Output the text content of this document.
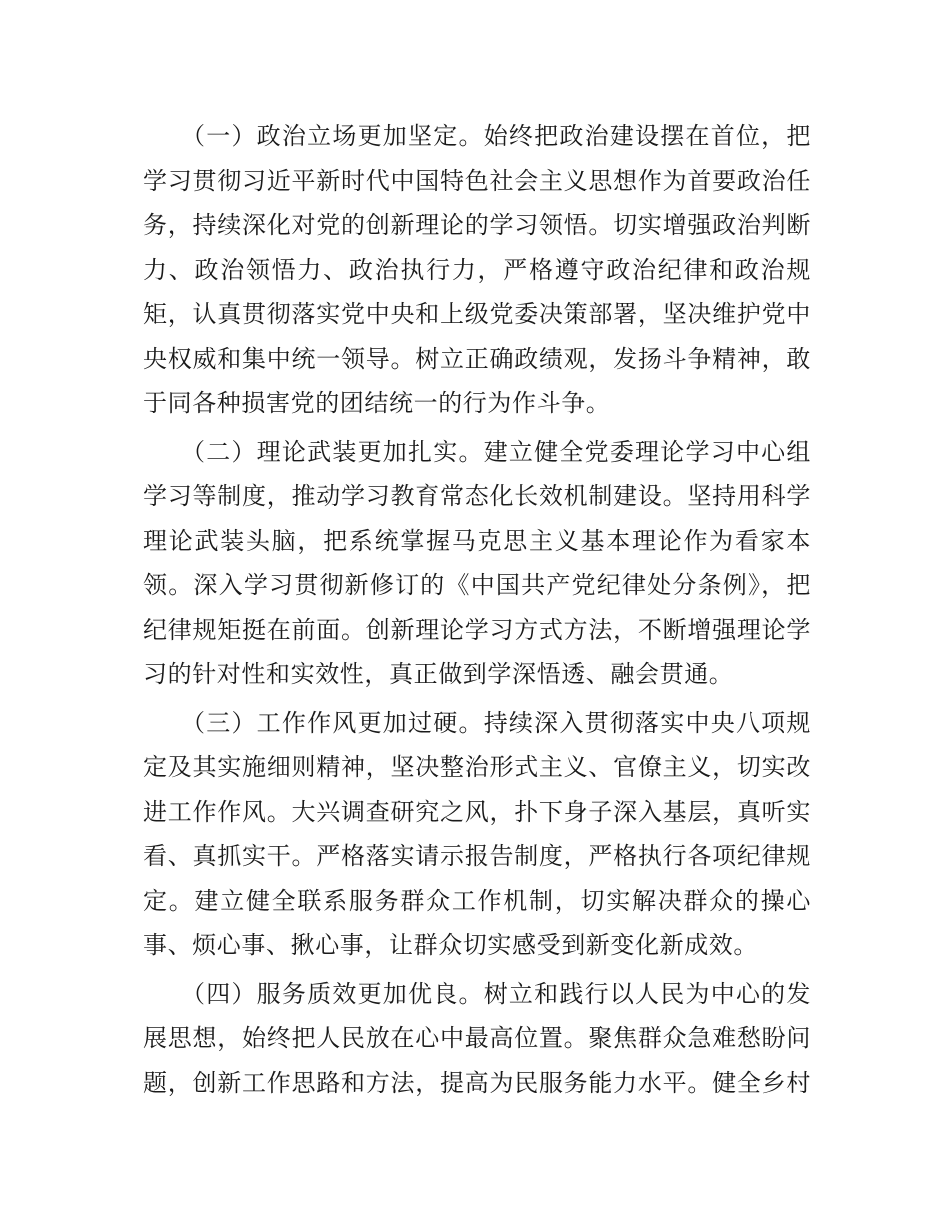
（一）政治立场更加坚定。始终把政治建设摆在首位，把
学习贯彻习近平新时代中国特色社会主义思想作为首要政治任
务，持续深化对党的创新理论的学习领悟。切实增强政治判断
力、政治领悟力、政治执行力，严格遵守政治纪律和政治规
矩，认真贯彻落实党中央和上级党委决策部署，坚决维护党中
央权威和集中统一领导。树立正确政绩观，发扬斗争精神，敢
于同各种损害党的团结统一的行为作斗争。
（二）理论武装更加扎实。建立健全党委理论学习中心组
学习等制度，推动学习教育常态化长效机制建设。坚持用科学
理论武装头脑，把系统掌握马克思主义基本理论作为看家本
领。深入学习贯彻新修订的《中国共产党纪律处分条例》，把
纪律规矩挺在前面。创新理论学习方式方法，不断增强理论学
习的针对性和实效性，真正做到学深悟透、融会贯通。
（三）工作作风更加过硬。持续深入贯彻落实中央八项规
定及其实施细则精神，坚决整治形式主义、官僚主义，切实改
进工作作风。大兴调查研究之风，扑下身子深入基层，真听实
看、真抓实干。严格落实请示报告制度，严格执行各项纪律规
定。建立健全联系服务群众工作机制，切实解决群众的操心
事、烦心事、揪心事，让群众切实感受到新变化新成效。
（四）服务质效更加优良。树立和践行以人民为中心的发
展思想，始终把人民放在心中最高位置。聚焦群众急难愁盼问
题，创新工作思路和方法，提高为民服务能力水平。健全乡村
